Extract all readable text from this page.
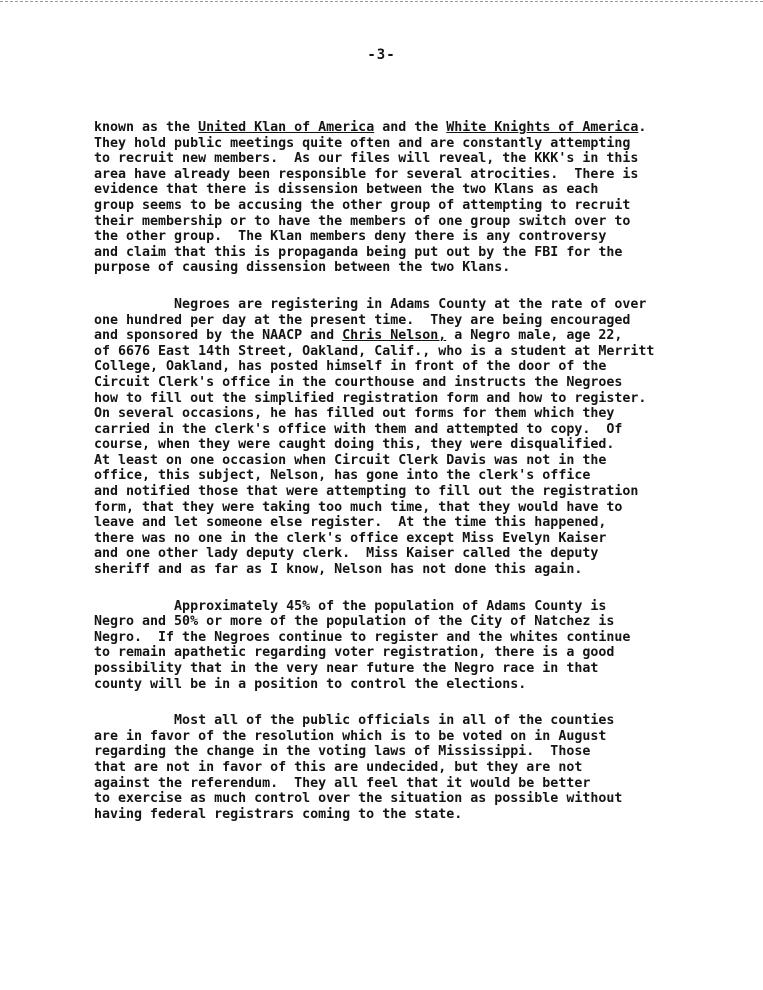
-3-
known as the United Klan of America and the White Knights of America.
They hold public meetings quite often and are constantly attempting
to recruit new members.  As our files will reveal, the KKK's in this
area have already been responsible for several atrocities.  There is
evidence that there is dissension between the two Klans as each
group seems to be accusing the other group of attempting to recruit
their membership or to have the members of one group switch over to
the other group.  The Klan members deny there is any controversy
and claim that this is propaganda being put out by the FBI for the
purpose of causing dissension between the two Klans.
Negroes are registering in Adams County at the rate of over
one hundred per day at the present time.  They are being encouraged
and sponsored by the NAACP and Chris Nelson, a Negro male, age 22,
of 6676 East 14th Street, Oakland, Calif., who is a student at Merritt
College, Oakland, has posted himself in front of the door of the
Circuit Clerk's office in the courthouse and instructs the Negroes
how to fill out the simplified registration form and how to register.
On several occasions, he has filled out forms for them which they
carried in the clerk's office with them and attempted to copy.  Of
course, when they were caught doing this, they were disqualified.
At least on one occasion when Circuit Clerk Davis was not in the
office, this subject, Nelson, has gone into the clerk's office
and notified those that were attempting to fill out the registration
form, that they were taking too much time, that they would have to
leave and let someone else register.  At the time this happened,
there was no one in the clerk's office except Miss Evelyn Kaiser
and one other lady deputy clerk.  Miss Kaiser called the deputy
sheriff and as far as I know, Nelson has not done this again.
Approximately 45% of the population of Adams County is
Negro and 50% or more of the population of the City of Natchez is
Negro.  If the Negroes continue to register and the whites continue
to remain apathetic regarding voter registration, there is a good
possibility that in the very near future the Negro race in that
county will be in a position to control the elections.
Most all of the public officials in all of the counties
are in favor of the resolution which is to be voted on in August
regarding the change in the voting laws of Mississippi.  Those
that are not in favor of this are undecided, but they are not
against the referendum.  They all feel that it would be better
to exercise as much control over the situation as possible without
having federal registrars coming to the state.
